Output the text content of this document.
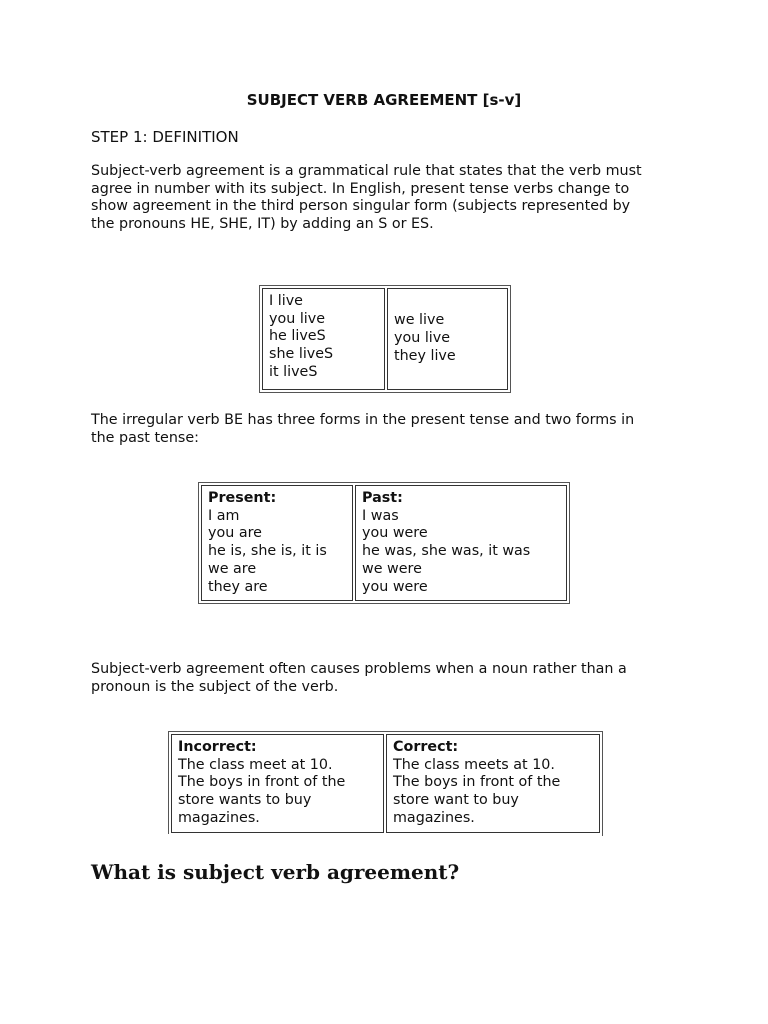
SUBJECT VERB AGREEMENT [s-v]
STEP 1: DEFINITION
Subject-verb agreement is a grammatical rule that states that the verb must
agree in number with its subject. In English, present tense verbs change to
show agreement in the third person singular form (subjects represented by
the pronouns HE, SHE, IT) by adding an S or ES.
I live
you live
he liveS
she liveS
it liveS

we live
you live
they live
The irregular verb BE has three forms in the present tense and two forms in
the past tense:
Present:
I am
you are
he is, she is, it is
we are
they are

Past:
I was
you were
he was, she was, it was
we were
you were
Subject-verb agreement often causes problems when a noun rather than a
pronoun is the subject of the verb.
Incorrect:
The class meet at 10.
The boys in front of the
store wants to buy
magazines.

Correct:
The class meets at 10.
The boys in front of the
store want to buy
magazines.
What is subject verb agreement?
